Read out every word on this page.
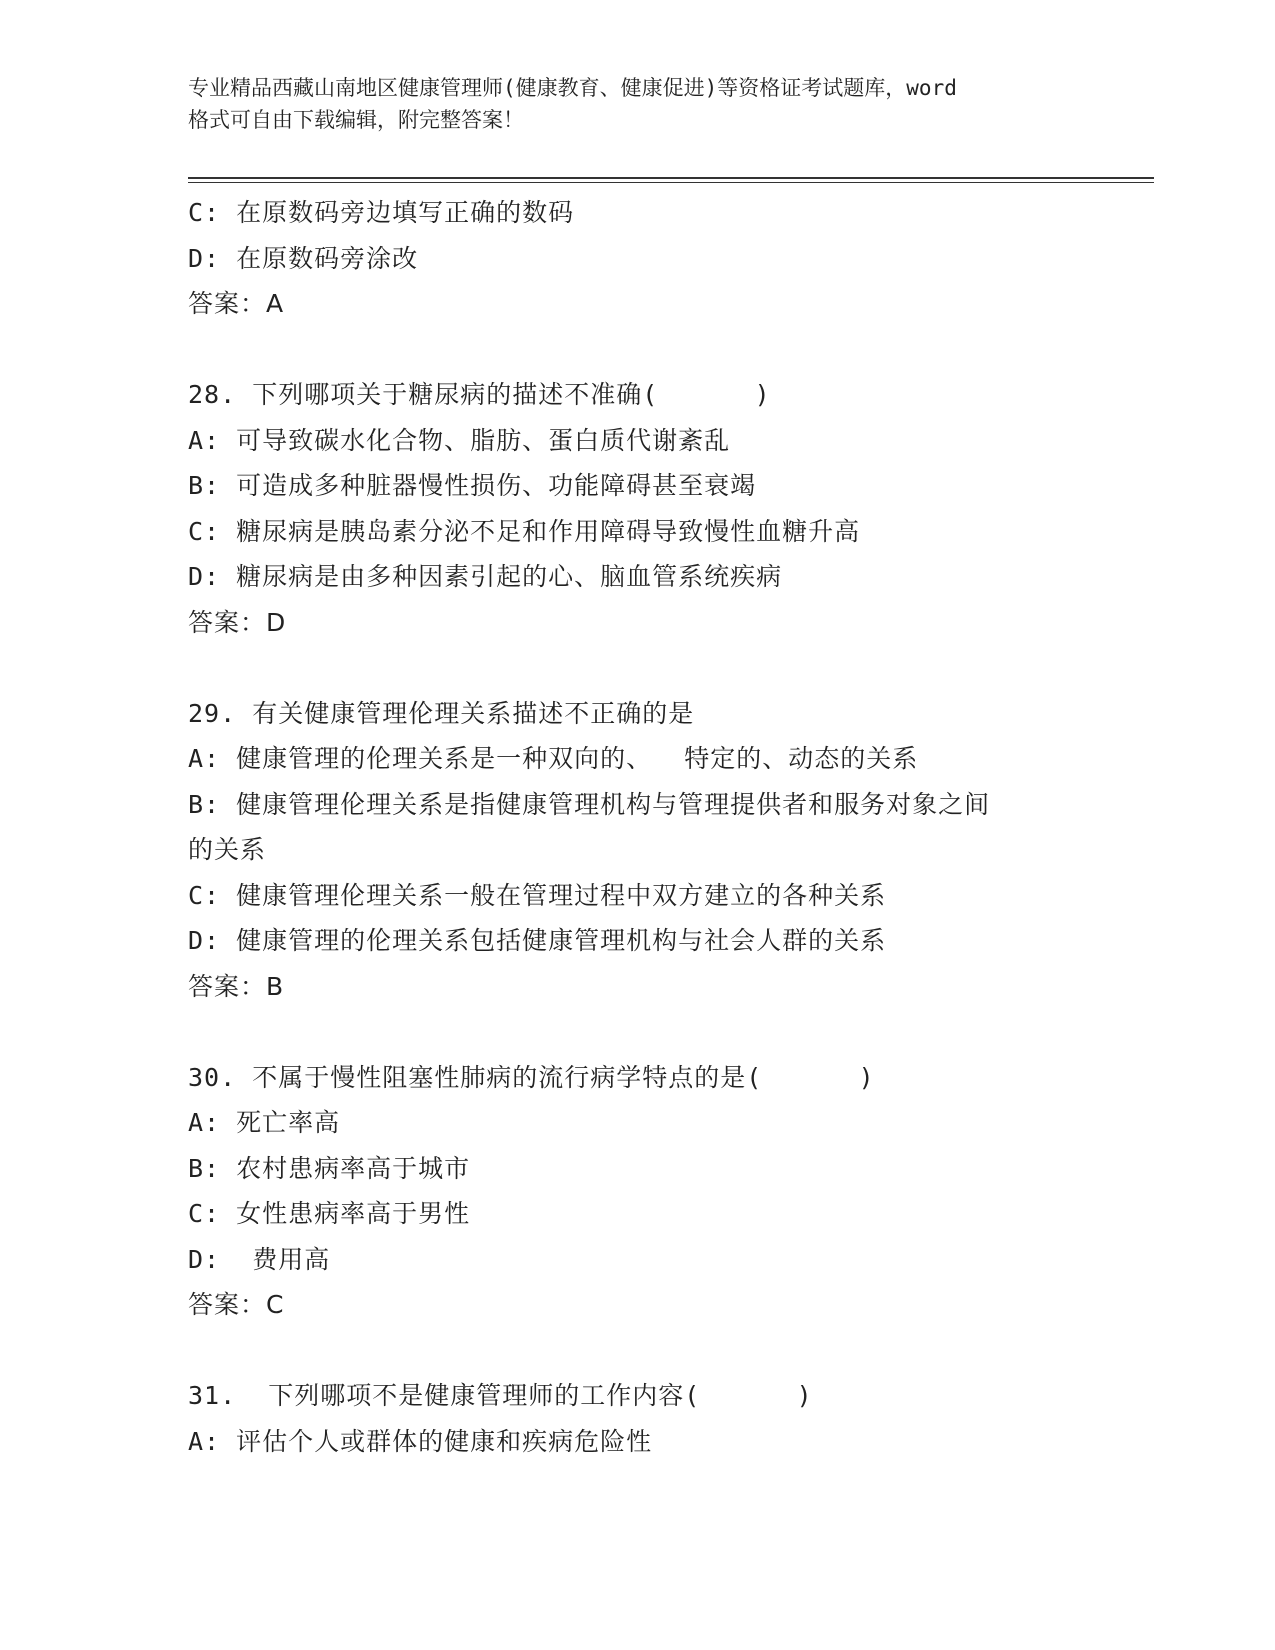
专业精品西藏山南地区健康管理师(健康教育、健康促进)等资格证考试题库，word
格式可自由下载编辑，附完整答案！
C: 在原数码旁边填写正确的数码
D: 在原数码旁涂改
答案：A
28. 下列哪项关于糖尿病的描述不准确(      )
A: 可导致碳水化合物、脂肪、蛋白质代谢紊乱
B: 可造成多种脏器慢性损伤、功能障碍甚至衰竭
C: 糖尿病是胰岛素分泌不足和作用障碍导致慢性血糖升高
D: 糖尿病是由多种因素引起的心、脑血管系统疾病
答案：D
29. 有关健康管理伦理关系描述不正确的是
A: 健康管理的伦理关系是一种双向的、  特定的、动态的关系
B: 健康管理伦理关系是指健康管理机构与管理提供者和服务对象之间
的关系
C: 健康管理伦理关系一般在管理过程中双方建立的各种关系
D: 健康管理的伦理关系包括健康管理机构与社会人群的关系
答案：B
30. 不属于慢性阻塞性肺病的流行病学特点的是(      )
A: 死亡率高
B: 农村患病率高于城市
C: 女性患病率高于男性
D:  费用高
答案：C
31.  下列哪项不是健康管理师的工作内容(      )
A: 评估个人或群体的健康和疾病危险性
